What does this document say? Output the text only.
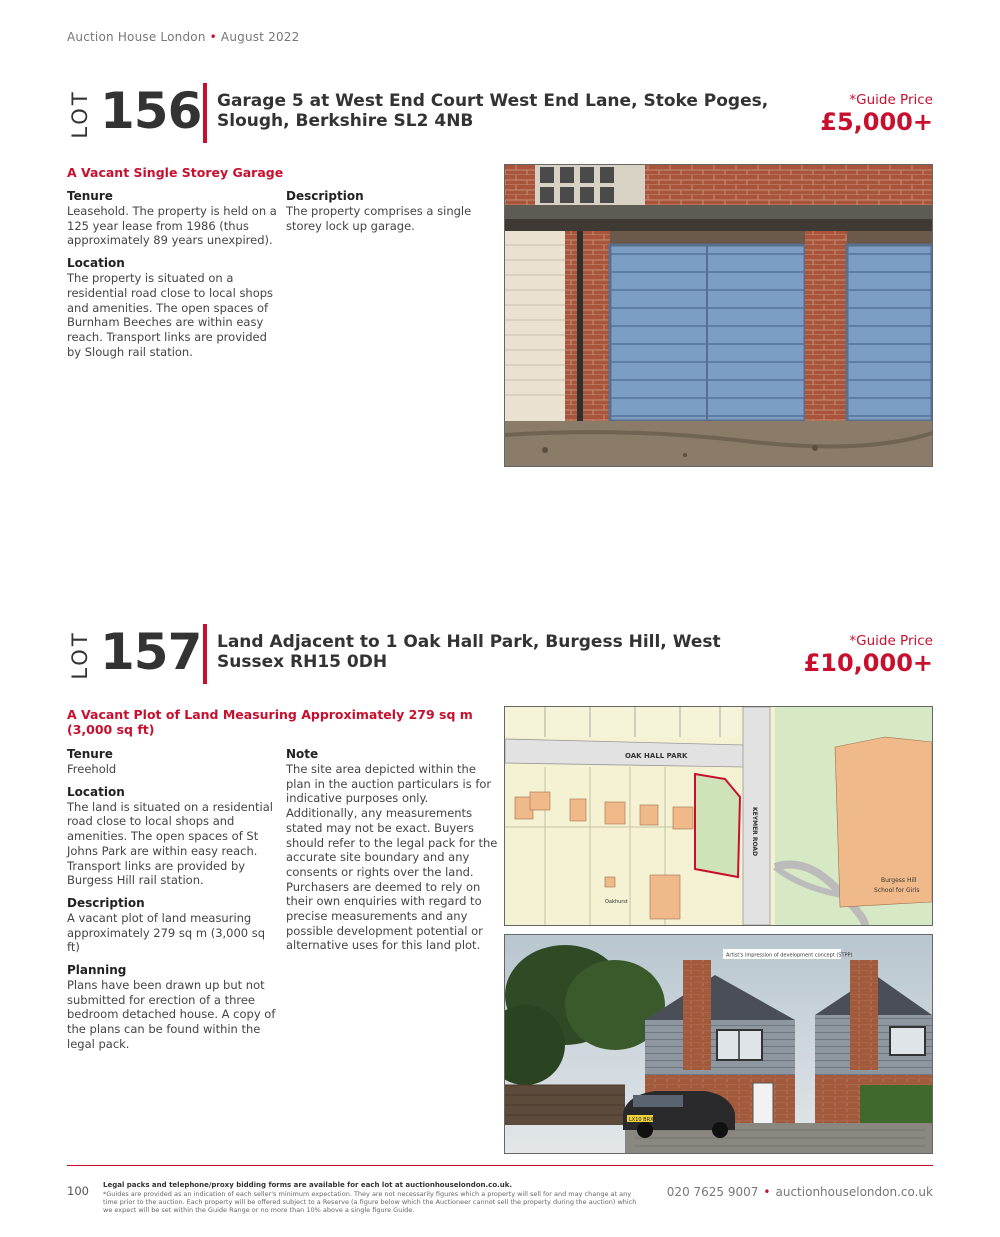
Auction House London • August 2022
LOT 156 Garage 5 at West End Court West End Lane, Stoke Poges, Slough, Berkshire SL2 4NB
*Guide Price
£5,000+
A Vacant Single Storey Garage
Tenure

Leasehold. The property is held on a 125 year lease from 1986 (thus approximately 89 years unexpired).

Location

The property is situated on a residential road close to local shops and amenities. The open spaces of Burnham Beeches are within easy reach. Transport links are provided by Slough rail station.

Description

The property comprises a single storey lock up garage.

LOT 157 Land Adjacent to 1 Oak Hall Park, Burgess Hill, West Sussex RH15 0DH
*Guide Price
£10,000+
A Vacant Plot of Land Measuring Approximately 279 sq m (3,000 sq ft)
Tenure

Freehold

Location

The land is situated on a residential road close to local shops and amenities. The open spaces of St Johns Park are within easy reach. Transport links are provided by Burgess Hill rail station.

Description

A vacant plot of land measuring approximately 279 sq m (3,000 sq ft)

Planning

Plans have been drawn up but not submitted for erection of a three bedroom detached house. A copy of the plans can be found within the legal pack.

Note

The site area depicted within the plan in the auction particulars is for indicative purposes only. Additionally, any measurements stated may not be exact. Buyers should refer to the legal pack for the accurate site boundary and any consents or rights over the land. Purchasers are deemed to rely on their own enquiries with regard to precise measurements and any possible development potential or alternative uses for this land plot.

OAK HALL PARK
KEYMER ROAD
Oakhurst
Burgess Hill
School for Girls
LX10 BRX
Artist's impression of development concept (STPP)
100 Legal packs and telephone/proxy bidding forms are available for each lot at auctionhouselondon.co.uk.
*Guides are provided as an indication of each seller's minimum expectation. They are not necessarily figures which a property will sell for and may change at any time prior to the auction. Each property will be offered subject to a Reserve (a figure below which the Auctioneer cannot sell the property during the auction) which we expect will be set within the Guide Range or no more than 10% above a single figure Guide.
020 7625 9007 • auctionhouselondon.co.uk
